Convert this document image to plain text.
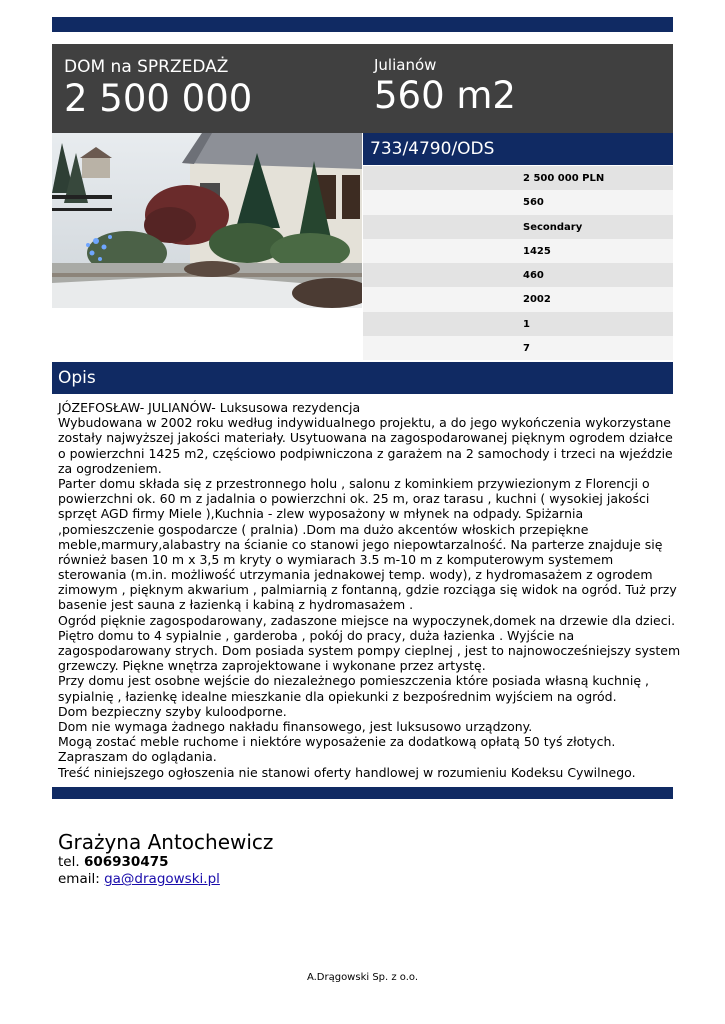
DOM na SPRZEDAŻ
2 500 000
Julianów
560 m2
733/4790/ODS
2 500 000 PLN
560
Secondary
1425
460
2002
1
7
Opis
JÓZEFOSŁAW- JULIANÓW- Luksusowa rezydencja
Wybudowana w 2002 roku według indywidualnego projektu, a do jego wykończenia wykorzystane
zostały najwyższej jakości materiały. Usytuowana na zagospodarowanej pięknym ogrodem działce
o powierzchni 1425 m2, częściowo podpiwniczona z garażem na 2 samochody i trzeci na wjeździe
za ogrodzeniem.
Parter domu składa się z przestronnego holu , salonu z kominkiem przywiezionym z Florencji o
powierzchni ok. 60 m z jadalnia o powierzchni ok. 25 m, oraz tarasu , kuchni ( wysokiej jakości
sprzęt AGD firmy Miele ),Kuchnia - zlew wyposażony w młynek na odpady. Spiżarnia
,pomieszczenie gospodarcze ( pralnia) .Dom ma dużo akcentów włoskich przepiękne
meble,marmury,alabastry na ścianie co stanowi jego niepowtarzalność. Na parterze znajduje się
również basen 10 m x 3,5 m kryty o wymiarach 3.5 m-10 m z komputerowym systemem
sterowania (m.in. możliwość utrzymania jednakowej temp. wody), z hydromasażem z ogrodem
zimowym , pięknym akwarium , palmiarnią z fontanną, gdzie rozciąga się widok na ogród. Tuż przy
basenie jest sauna z łazienką i kabiną z hydromasażem .
Ogród pięknie zagospodarowany, zadaszone miejsce na wypoczynek,domek na drzewie dla dzieci.
Piętro domu to 4 sypialnie , garderoba , pokój do pracy, duża łazienka . Wyjście na
zagospodarowany strych. Dom posiada system pompy cieplnej , jest to najnowocześniejszy system
grzewczy. Piękne wnętrza zaprojektowane i wykonane przez artystę.
Przy domu jest osobne wejście do niezależnego pomieszczenia które posiada własną kuchnię ,
sypialnię , łazienkę idealne mieszkanie dla opiekunki z bezpośrednim wyjściem na ogród.
Dom bezpieczny szyby kuloodporne.
Dom nie wymaga żadnego nakładu finansowego, jest luksusowo urządzony.
Mogą zostać meble ruchome i niektóre wyposażenie za dodatkową opłatą 50 tyś złotych.
Zapraszam do oglądania.
Treść niniejszego ogłoszenia nie stanowi oferty handlowej w rozumieniu Kodeksu Cywilnego.
Grażyna Antochewicz
tel. 606930475
email: ga@dragowski.pl
A.Drągowski Sp. z o.o.
